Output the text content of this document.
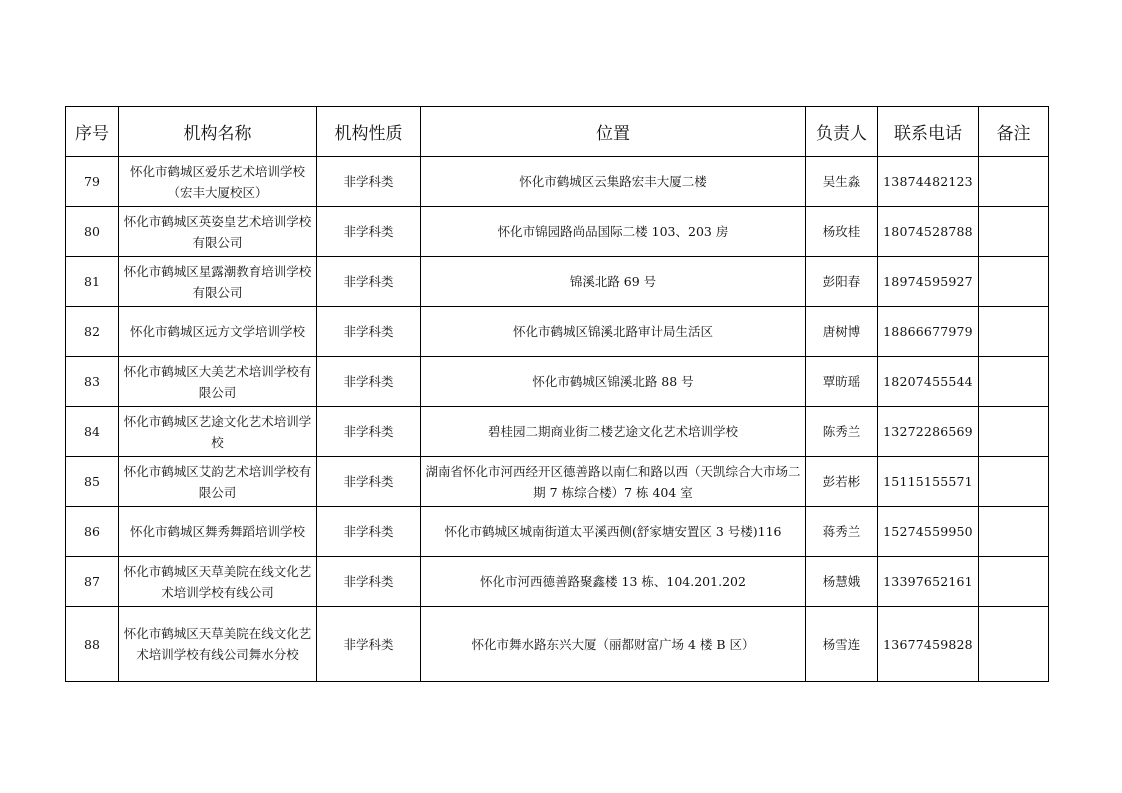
序号	机构名称	机构性质	位置	负责人	联系电话	备注
79	怀化市鹤城区爱乐艺术培训学校（宏丰大厦校区）	非学科类	怀化市鹤城区云集路宏丰大厦二楼	吴生淼	13874482123	
80	怀化市鹤城区英姿皇艺术培训学校有限公司	非学科类	怀化市锦园路尚品国际二楼 103、203 房	杨玫桂	18074528788	
81	怀化市鹤城区星露潮教育培训学校有限公司	非学科类	锦溪北路 69 号	彭阳春	18974595927	
82	怀化市鹤城区远方文学培训学校	非学科类	怀化市鹤城区锦溪北路审计局生活区	唐树博	18866677979	
83	怀化市鹤城区大美艺术培训学校有限公司	非学科类	怀化市鹤城区锦溪北路 88 号	覃昉瑶	18207455544	
84	怀化市鹤城区艺途文化艺术培训学校	非学科类	碧桂园二期商业街二楼艺途文化艺术培训学校	陈秀兰	13272286569	
85	怀化市鹤城区艾韵艺术培训学校有限公司	非学科类	湖南省怀化市河西经开区德善路以南仁和路以西（天凯综合大市场二期 7 栋综合楼）7 栋 404 室	彭若彬	15115155571	
86	怀化市鹤城区舞秀舞蹈培训学校	非学科类	怀化市鹤城区城南街道太平溪西侧(舒家塘安置区 3 号楼)116	蒋秀兰	15274559950	
87	怀化市鹤城区天草美院在线文化艺术培训学校有线公司	非学科类	怀化市河西德善路聚鑫楼 13 栋、104.201.202	杨慧娥	13397652161	
88	怀化市鹤城区天草美院在线文化艺术培训学校有线公司舞水分校	非学科类	怀化市舞水路东兴大厦（丽都财富广场 4 楼 B 区）	杨雪连	13677459828	
